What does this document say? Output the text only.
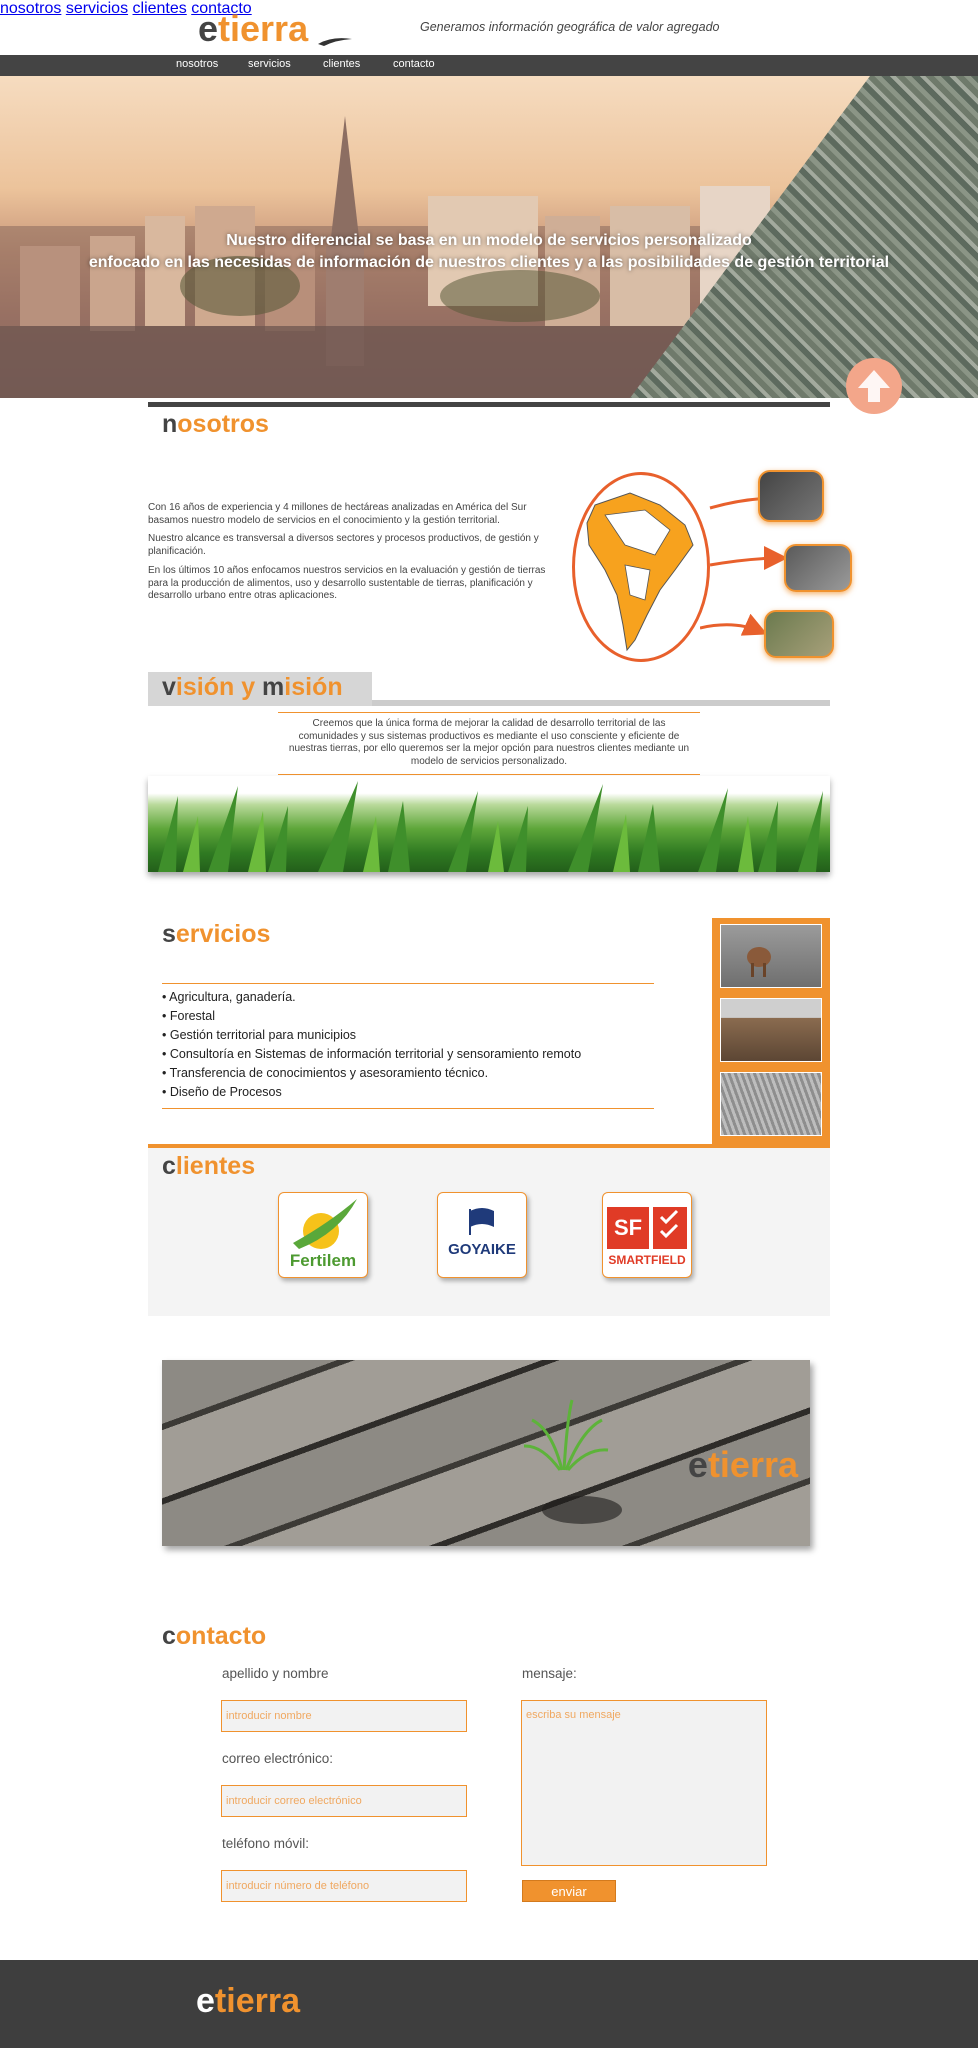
etierra	Generamos información geográfica de valor agregado
nosotros	servicios	clientes	contacto
Nuestro diferencial se basa en un modelo de servicios personalizado
enfocado en las necesidas de información de nuestros clientes y a las posibilidades de gestión territorial
nosotros
Con 16 años de experiencia y 4 millones de hectáreas analizadas en América del Sur basamos nuestro modelo de servicios en el conocimiento y la gestión territorial.
Nuestro alcance es transversal a diversos sectores y procesos productivos, de gestión y planificación.
En los últimos 10 años enfocamos nuestros servicios en la evaluación y gestión de tierras para la producción de alimentos, uso y desarrollo sustentable de tierras, planificación y desarrollo urbano entre otras aplicaciones.
visión y misión
Creemos que la única forma de mejorar la calidad de desarrollo territorial de las comunidades y sus sistemas productivos es mediante el uso consciente y eficiente de nuestras tierras, por ello queremos ser la mejor opción para nuestros clientes mediante un modelo de servicios personalizado.
servicios
• Agricultura, ganadería.
• Forestal
• Gestión territorial para municipios
• Consultoría en Sistemas de información territorial y sensoramiento remoto
• Transferencia de conocimientos y asesoramiento técnico.
• Diseño de Procesos
clientes
Fertilem
GOYAIKE
SF
SMARTFIELD
etierra
contacto
apellido y nombre
introducir nombre
correo electrónico:
introducir correo electrónico
teléfono móvil:
introducir número de teléfono
mensaje:
escriba su mensaje
enviar
etierra
nosotros servicios clientes contacto
